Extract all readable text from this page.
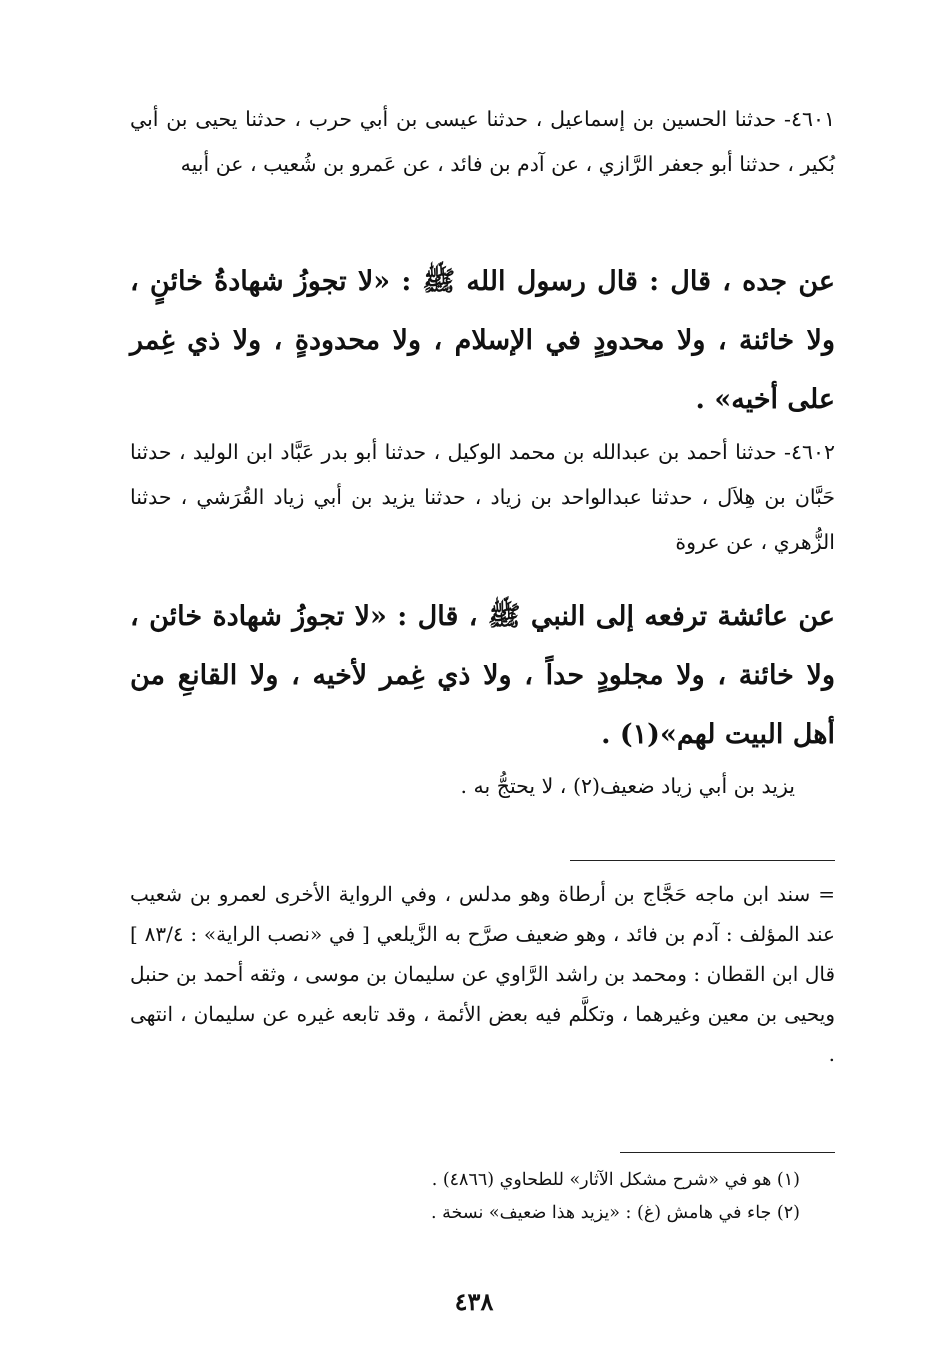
٤٦٠١- حدثنا الحسين بن إسماعيل ، حدثنا عيسى بن أبي حرب ، حدثنا يحيى بن أبي بُكير ، حدثنا أبو جعفر الرَّازي ، عن آدم بن فائد ، عن عَمرو بن شُعيب ، عن أبيه

عن جده ، قال : قال رسول الله ﷺ : «لا تجوزُ شهادةُ خائنٍ ، ولا خائنة ، ولا محدودٍ في الإسلام ، ولا محدودةٍ ، ولا ذي غِمر على أخيه» .

٤٦٠٢- حدثنا أحمد بن عبدالله بن محمد الوكيل ، حدثنا أبو بدر عَبَّاد ابن الوليد ، حدثنا حَبَّان بن هِلاَل ، حدثنا عبدالواحد بن زياد ، حدثنا يزيد بن أبي زياد القُرَشي ، حدثنا الزُّهري ، عن عروة

عن عائشة ترفعه إلى النبي ﷺ ، قال : «لا تجوزُ شهادة خائن ، ولا خائنة ، ولا مجلودٍ حداً ، ولا ذي غِمر لأخيه ، ولا القانعِ من أهل البيت لهم»(١) .

يزيد بن أبي زياد ضعيف(٢) ، لا يحتجُّ به .

= سند ابن ماجه حَجَّاج بن أرطاة وهو مدلس ، وفي الرواية الأخرى لعمرو بن شعيب عند المؤلف : آدم بن فائد ، وهو ضعيف صرَّح به الزَّيلعي [ في «نصب الراية» : ٨٣/٤ ] قال ابن القطان : ومحمد بن راشد الرَّاوي عن سليمان بن موسى ، وثقه أحمد بن حنبل ويحيى بن معين وغيرهما ، وتكلَّم فيه بعض الأئمة ، وقد تابعه غيره عن سليمان ، انتهى .

(١) هو في «شرح مشكل الآثار» للطحاوي (٤٨٦٦) .
(٢) جاء في هامش (غ) : «يزيد هذا ضعيف» نسخة .
٤٣٨
